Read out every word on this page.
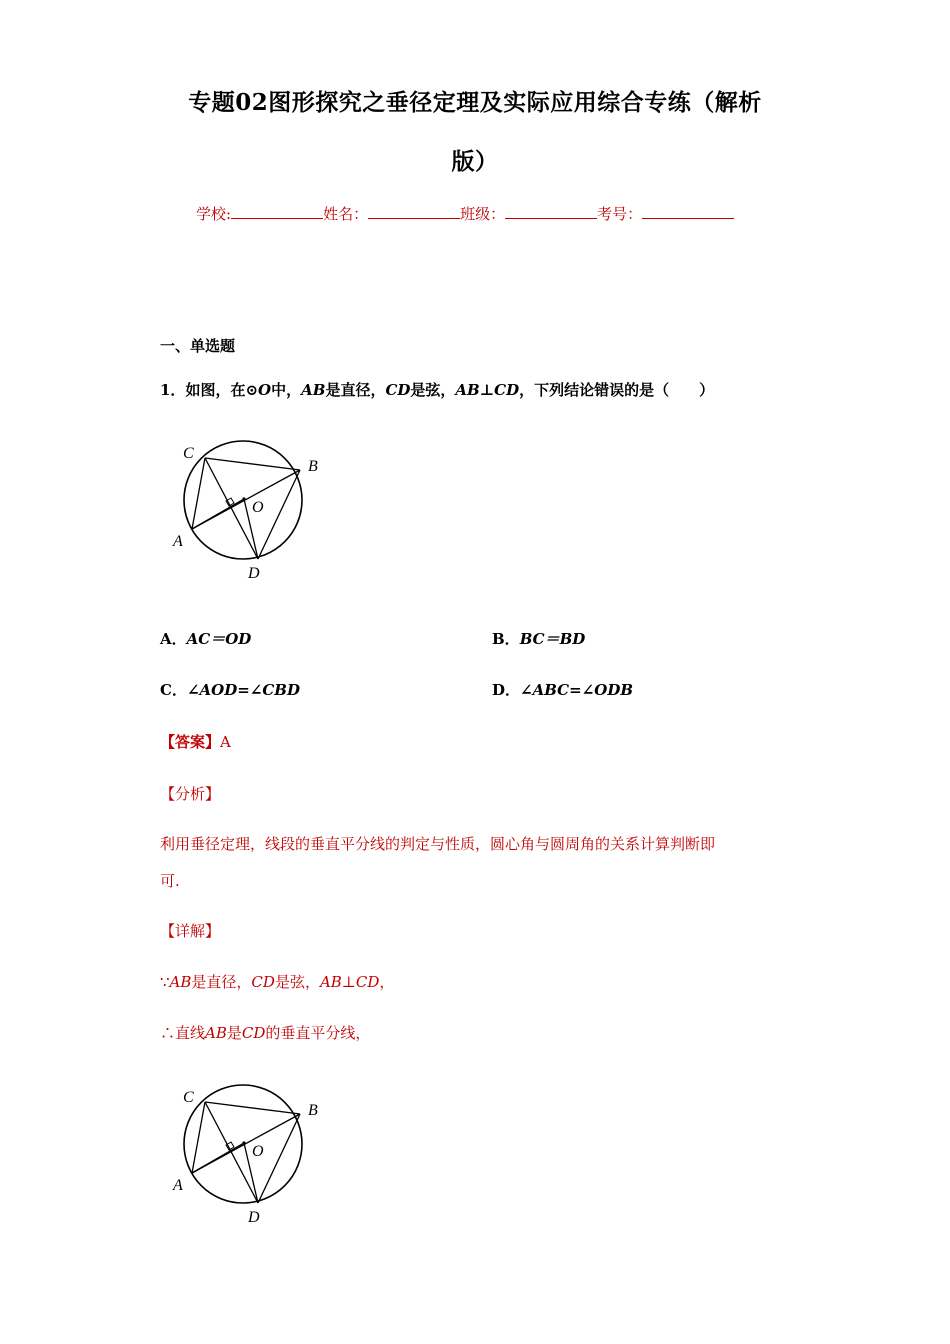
专题02图形探究之垂径定理及实际应用综合专练（解析
版）
学校:	姓名：	班级：	考号：
一、单选题
1．如图，在⊙O中，AB是直径，CD是弦，AB⊥CD，下列结论错误的是（　　）
C
B
O
A
D
A．AC＝OD	B．BC＝BD
C．∠AOD=∠CBD	D．∠ABC=∠ODB
【答案】A
【分析】
利用垂径定理，线段的垂直平分线的判定与性质，圆心角与圆周角的关系计算判断即
可.
【详解】
∵AB是直径，CD是弦，AB⊥CD，
∴直线AB是CD的垂直平分线，
C
B
O
A
D
